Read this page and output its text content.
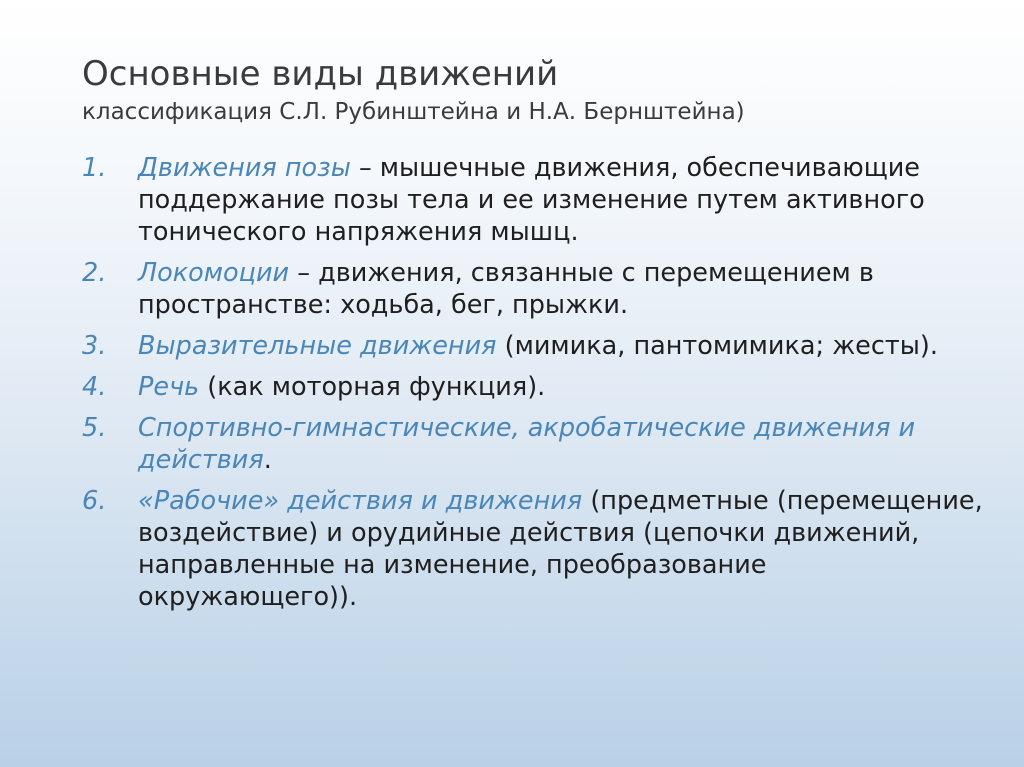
Основные виды движений

классификация С.Л. Рубинштейна и Н.А. Бернштейна)

1. Движения позы – мышечные движения, обеспечивающие поддержание позы тела и ее изменение путем активного тонического напряжения мышц.
2. Локомоции – движения, связанные с перемещением в пространстве: ходьба, бег, прыжки.
3. Выразительные движения (мимика, пантомимика; жесты).
4. Речь (как моторная функция).
5. Спортивно-гимнастические, акробатические движения и действия.
6. «Рабочие» действия и движения (предметные (перемещение, воздействие) и орудийные действия (цепочки движений, направленные на изменение, преобразование окружающего)).
